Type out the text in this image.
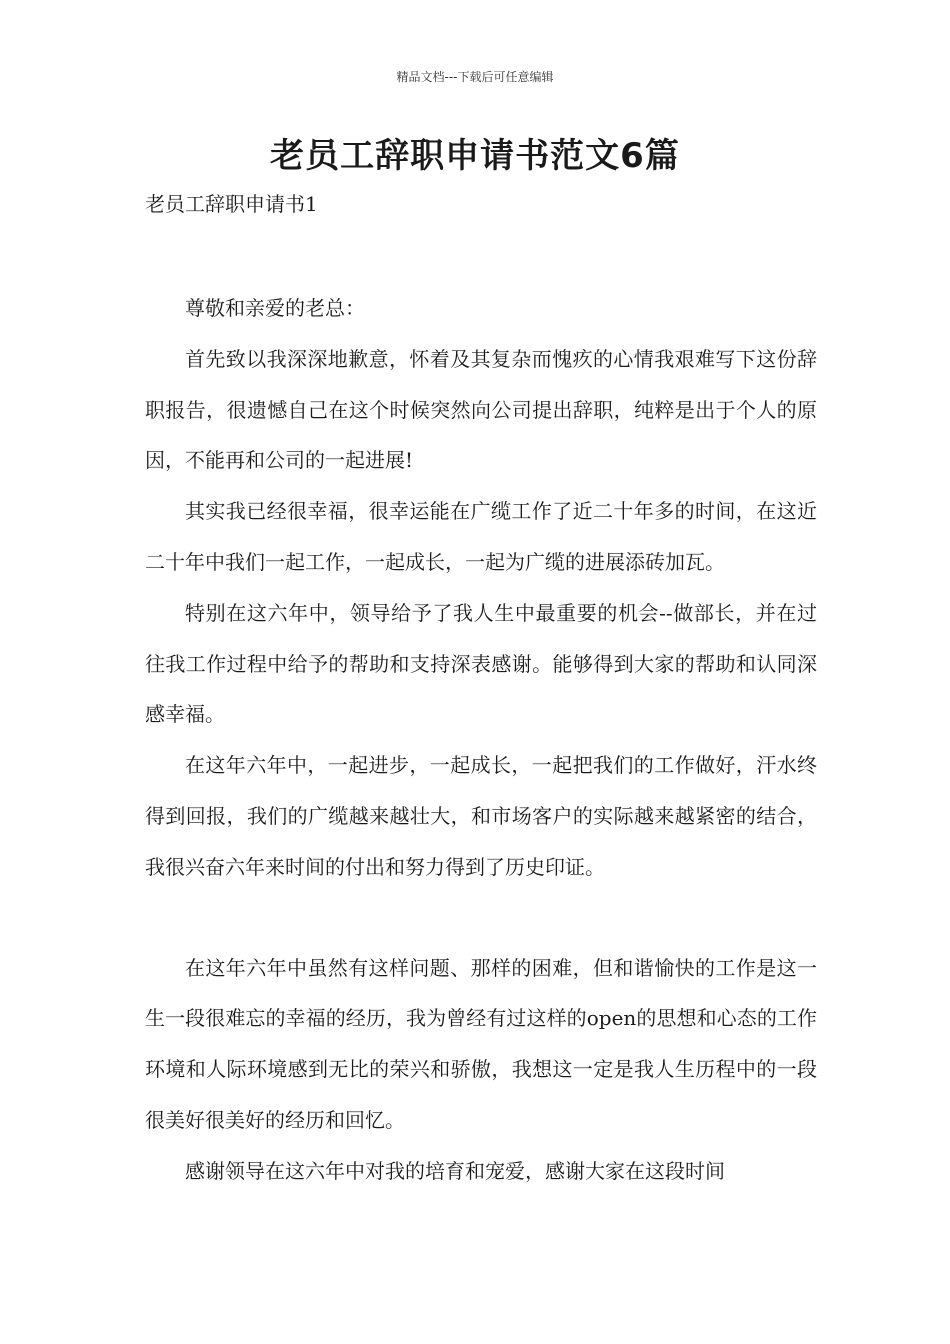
精品文档---下载后可任意编辑
老员工辞职申请书范文6篇
老员工辞职申请书1

尊敬和亲爱的老总：

首先致以我深深地歉意，怀着及其复杂而愧疚的心情我艰难写下这份辞职报告，很遗憾自己在这个时候突然向公司提出辞职，纯粹是出于个人的原因，不能再和公司的一起进展!

其实我已经很幸福，很幸运能在广缆工作了近二十年多的时间，在这近二十年中我们一起工作，一起成长，一起为广缆的进展添砖加瓦。

特别在这六年中，领导给予了我人生中最重要的机会--做部长，并在过往我工作过程中给予的帮助和支持深表感谢。能够得到大家的帮助和认同深感幸福。

在这年六年中，一起进步，一起成长，一起把我们的工作做好，汗水终得到回报，我们的广缆越来越壮大，和市场客户的实际越来越紧密的结合，我很兴奋六年来时间的付出和努力得到了历史印证。

在这年六年中虽然有这样问题、那样的困难，但和谐愉快的工作是这一生一段很难忘的幸福的经历，我为曾经有过这样的open的思想和心态的工作环境和人际环境感到无比的荣兴和骄傲，我想这一定是我人生历程中的一段很美好很美好的经历和回忆。

感谢领导在这六年中对我的培育和宠爱，感谢大家在这段时间
